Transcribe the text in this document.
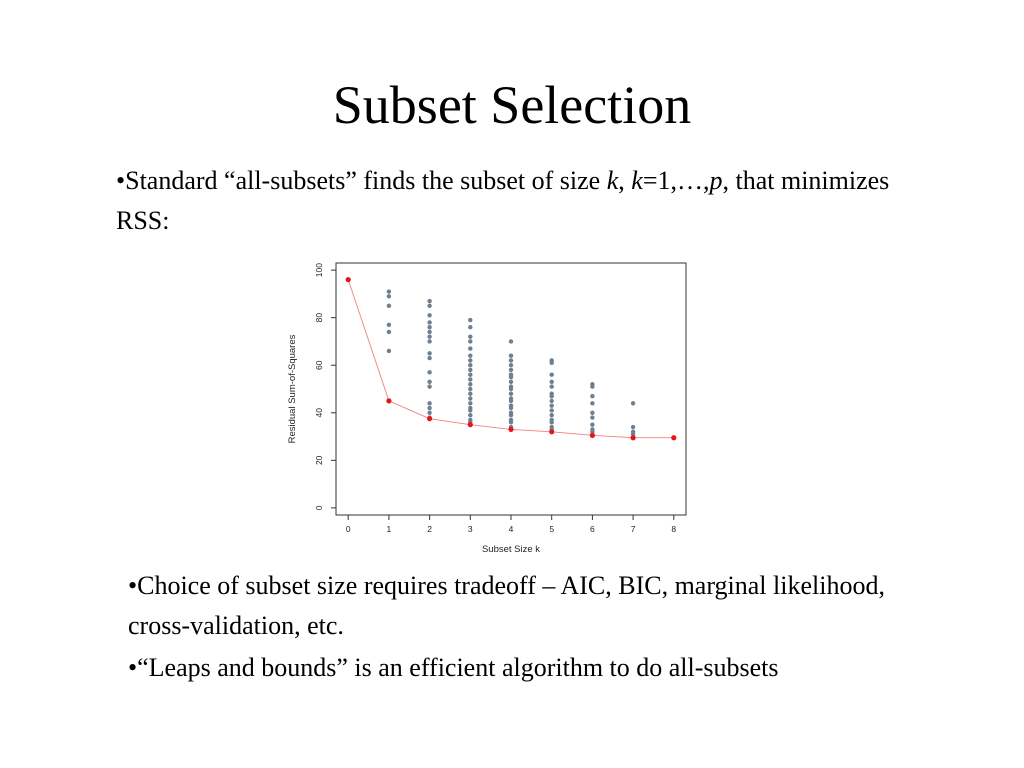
Subset Selection
•Standard “all-subsets” finds the subset of size k, k=1,…,p, that minimizes RSS:
0
20
40
60
80
100
0	1	2	3	4	5	6	7	8
Subset Size k
Residual Sum-of-Squares
•Choice of subset size requires tradeoff – AIC, BIC, marginal likelihood, cross-validation, etc.
•“Leaps and bounds” is an efficient algorithm to do all-subsets
